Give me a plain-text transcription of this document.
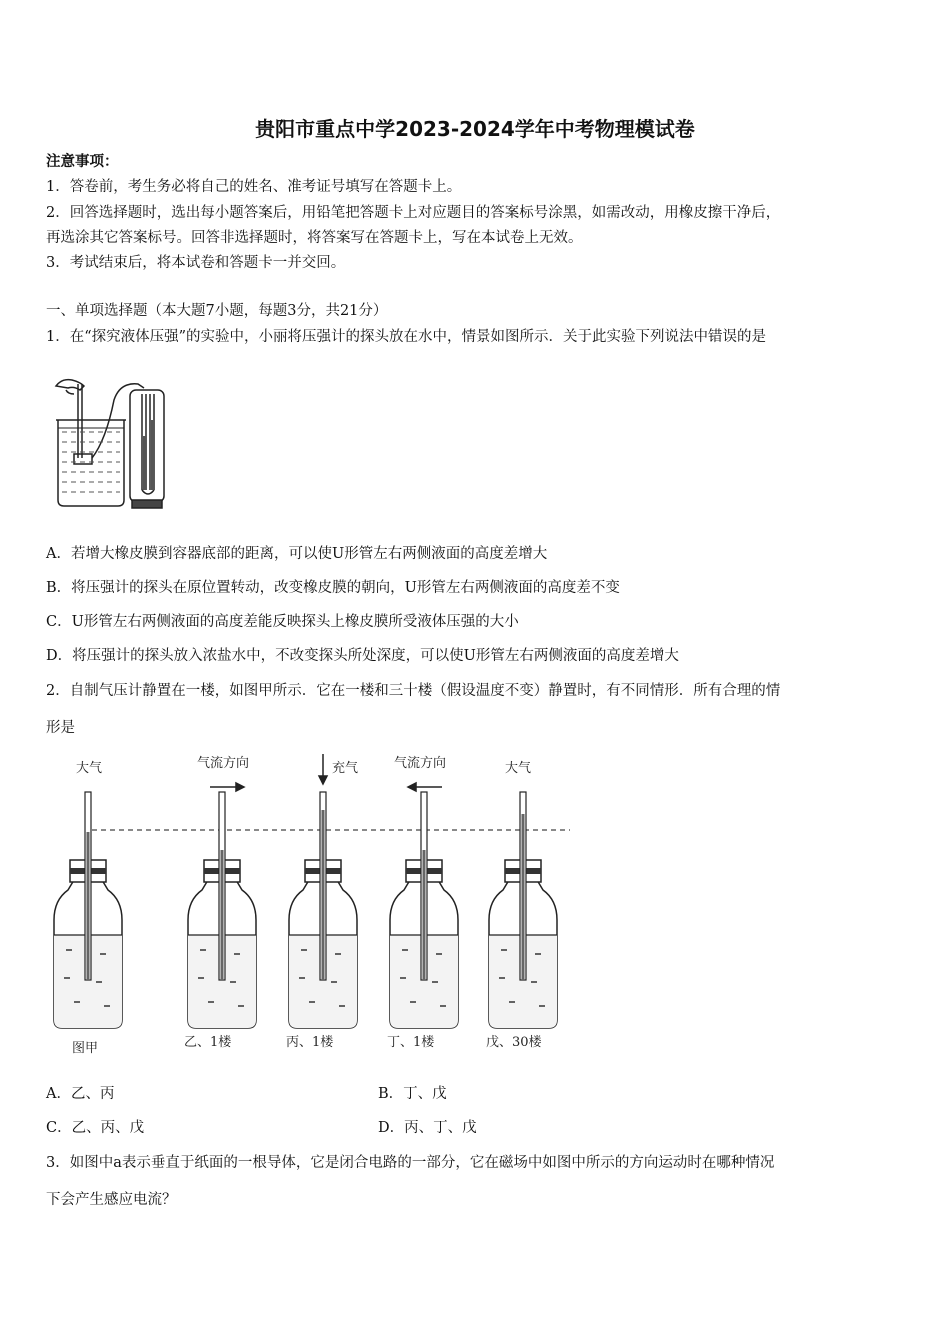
贵阳市重点中学2023-2024学年中考物理模试卷
注意事项：
1．答卷前，考生务必将自己的姓名、准考证号填写在答题卡上。
2．回答选择题时，选出每小题答案后，用铅笔把答题卡上对应题目的答案标号涂黑，如需改动，用橡皮擦干净后，
再选涂其它答案标号。回答非选择题时，将答案写在答题卡上，写在本试卷上无效。
3．考试结束后，将本试卷和答题卡一并交回。
一、单项选择题（本大题7小题，每题3分，共21分）
1．在“探究液体压强”的实验中，小丽将压强计的探头放在水中，情景如图所示．关于此实验下列说法中错误的是
A．若增大橡皮膜到容器底部的距离，可以使U形管左右两侧液面的高度差增大
B．将压强计的探头在原位置转动，改变橡皮膜的朝向，U形管左右两侧液面的高度差不变
C．U形管左右两侧液面的高度差能反映探头上橡皮膜所受液体压强的大小
D．将压强计的探头放入浓盐水中，不改变探头所处深度，可以使U形管左右两侧液面的高度差增大
2．自制气压计静置在一楼，如图甲所示．它在一楼和三十楼（假设温度不变）静置时，有不同情形．所有合理的情
形是
大气	气流方向	充气	气流方向	大气
图甲	乙、1楼	丙、1楼	丁、1楼	戊、30楼
A．乙、丙	B．丁、戊
C．乙、丙、戊	D．丙、丁、戊
3．如图中a表示垂直于纸面的一根导体，它是闭合电路的一部分，它在磁场中如图中所示的方向运动时在哪种情况
下会产生感应电流？
